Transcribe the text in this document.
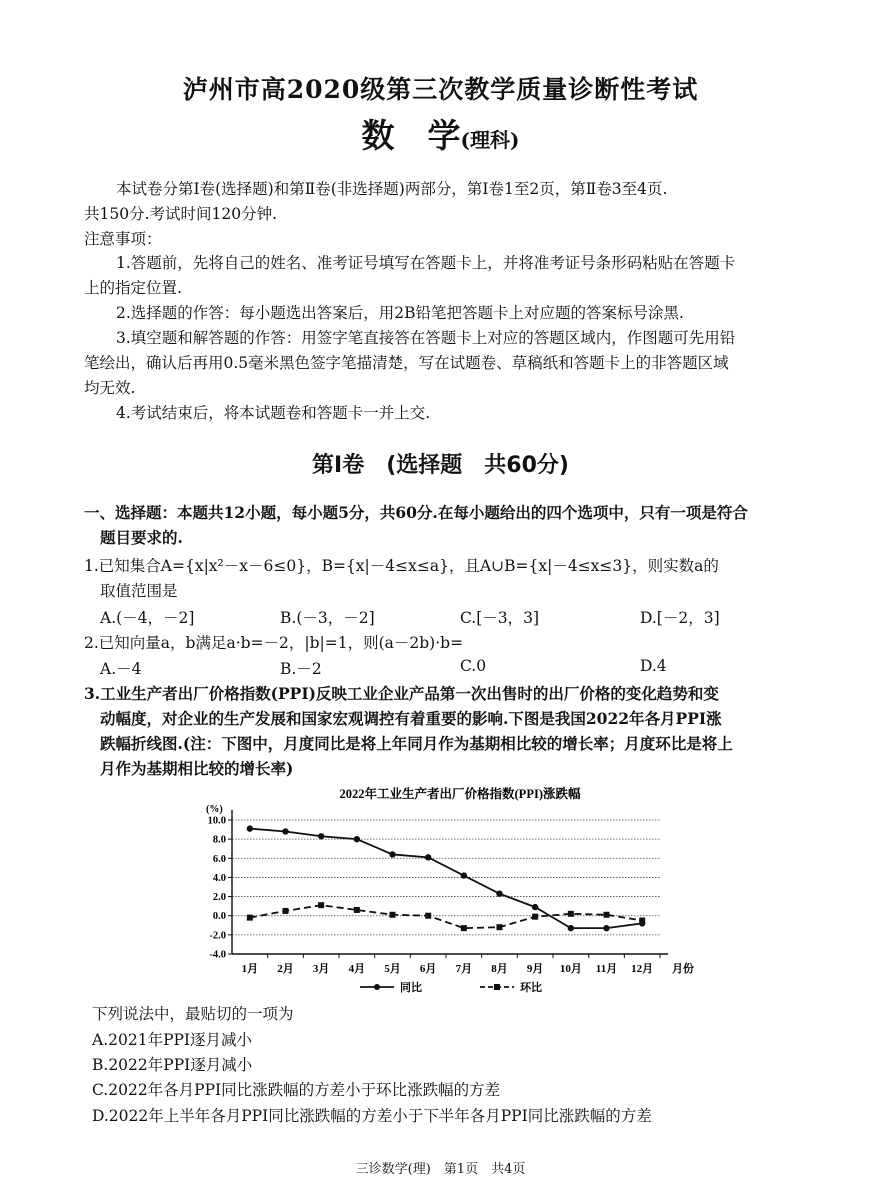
泸州市高2020级第三次教学质量诊断性考试
数　学(理科)
本试卷分第Ⅰ卷(选择题)和第Ⅱ卷(非选择题)两部分，第Ⅰ卷1至2页，第Ⅱ卷3至4页.
共150分.考试时间120分钟.
注意事项：
1.答题前，先将自己的姓名、准考证号填写在答题卡上，并将准考证号条形码粘贴在答题卡
上的指定位置.
2.选择题的作答：每小题选出答案后，用2B铅笔把答题卡上对应题的答案标号涂黑.
3.填空题和解答题的作答：用签字笔直接答在答题卡上对应的答题区域内，作图题可先用铅
笔绘出，确认后再用0.5毫米黑色签字笔描清楚，写在试题卷、草稿纸和答题卡上的非答题区域
均无效.
4.考试结束后，将本试题卷和答题卡一并上交.
第Ⅰ卷　(选择题　共60分)
一、选择题：本题共12小题，每小题5分，共60分.在每小题给出的四个选项中，只有一项是符合
题目要求的.
1.已知集合A={x|x²－x－6≤0}，B={x|－4≤x≤a}，且A∪B={x|－4≤x≤3}，则实数a的
取值范围是
A.(－4，－2]	B.(－3，－2]	C.[－3，3]	D.[－2，3]
2.已知向量a，b满足a·b=－2，|b|=1，则(a－2b)·b=
A.－4	B.－2	C.0	D.4
3.工业生产者出厂价格指数(PPI)反映工业企业产品第一次出售时的出厂价格的变化趋势和变
动幅度，对企业的生产发展和国家宏观调控有着重要的影响.下图是我国2022年各月PPI涨
跌幅折线图.(注：下图中，月度同比是将上年同月作为基期相比较的增长率；月度环比是将上
月作为基期相比较的增长率)
2022年工业生产者出厂价格指数(PPI)涨跌幅
(%)
10.0
8.0
6.0
4.0
2.0
0.0
-2.0
-4.0
1月 2月 3月 4月 5月 6月 7月 8月 9月 10月 11月 12月 月份
同比	环比
下列说法中，最贴切的一项为
A.2021年PPI逐月减小
B.2022年PPI逐月减小
C.2022年各月PPI同比涨跌幅的方差小于环比涨跌幅的方差
D.2022年上半年各月PPI同比涨跌幅的方差小于下半年各月PPI同比涨跌幅的方差
三诊数学(理)　第1页　共4页
